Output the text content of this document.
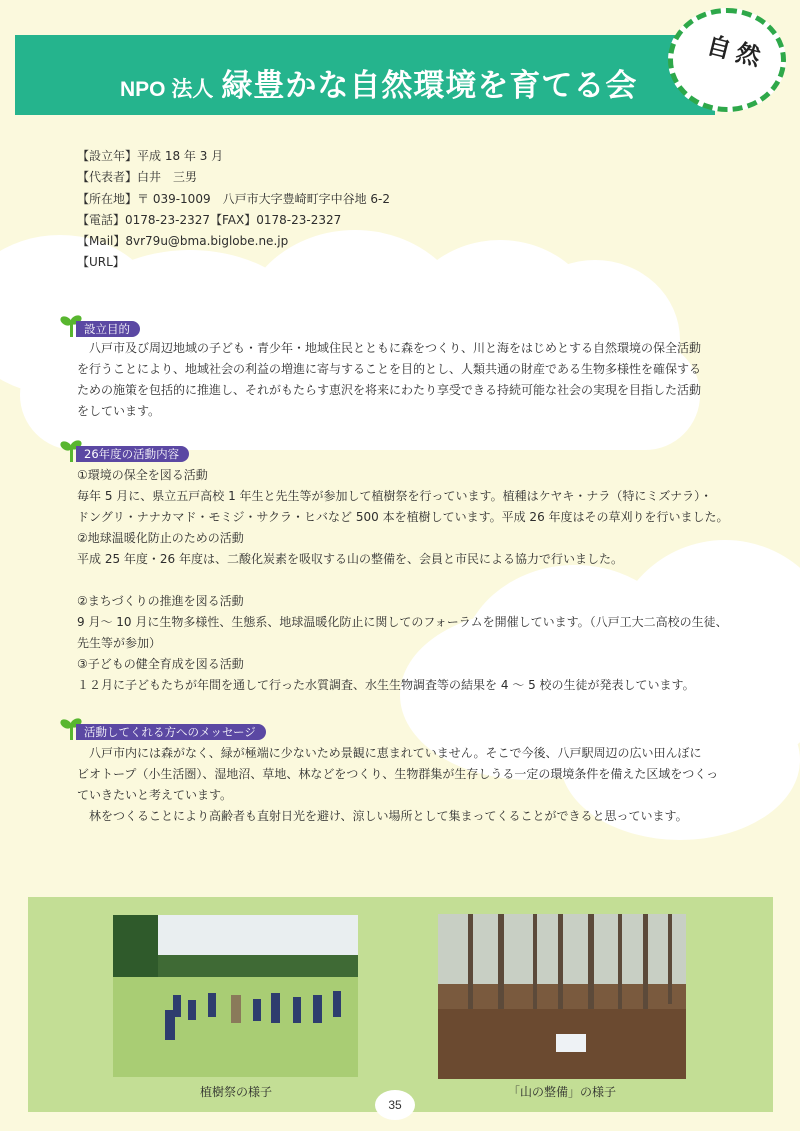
NPO 法人 緑豊かな自然環境を育てる会
自然
【設立年】平成 18 年 3 月
【代表者】白井　三男
【所在地】〒 039-1009　八戸市大字豊崎町字中谷地 6-2
【電話】0178-23-2327【FAX】0178-23-2327
【Mail】8vr79u@bma.biglobe.ne.jp
【URL】
設立目的

八戸市及び周辺地域の子ども・青少年・地域住民とともに森をつくり、川と海をはじめとする自然環境の保全活動

を行うことにより、地域社会の利益の増進に寄与することを目的とし、人類共通の財産である生物多様性を確保する

ための施策を包括的に推進し、それがもたらす恵沢を将来にわたり享受できる持続可能な社会の実現を目指した活動

をしています。

26年度の活動内容

①環境の保全を図る活動

毎年 5 月に、県立五戸高校 1 年生と先生等が参加して植樹祭を行っています。植種はケヤキ・ナラ（特にミズナラ）・

ドングリ・ナナカマド・モミジ・サクラ・ヒバなど 500 本を植樹しています。平成 26 年度はその草刈りを行いました。

②地球温暖化防止のための活動

平成 25 年度・26 年度は、二酸化炭素を吸収する山の整備を、会員と市民による協力で行いました。

②まちづくりの推進を図る活動

9 月〜 10 月に生物多様性、生態系、地球温暖化防止に関してのフォーラムを開催しています。（八戸工大二高校の生徒、

先生等が参加）

③子どもの健全育成を図る活動

１２月に子どもたちが年間を通して行った水質調査、水生生物調査等の結果を 4 〜 5 校の生徒が発表しています。

活動してくれる方へのメッセージ

八戸市内には森がなく、緑が極端に少ないため景観に恵まれていません。そこで今後、八戸駅周辺の広い田んぼに

ビオトープ（小生活圏）、湿地沼、草地、林などをつくり、生物群集が生存しうる一定の環境条件を備えた区域をつくっ

ていきたいと考えています。

林をつくることにより高齢者も直射日光を避け、涼しい場所として集まってくることができると思っています。

植樹祭の様子	「山の整備」の様子
35
